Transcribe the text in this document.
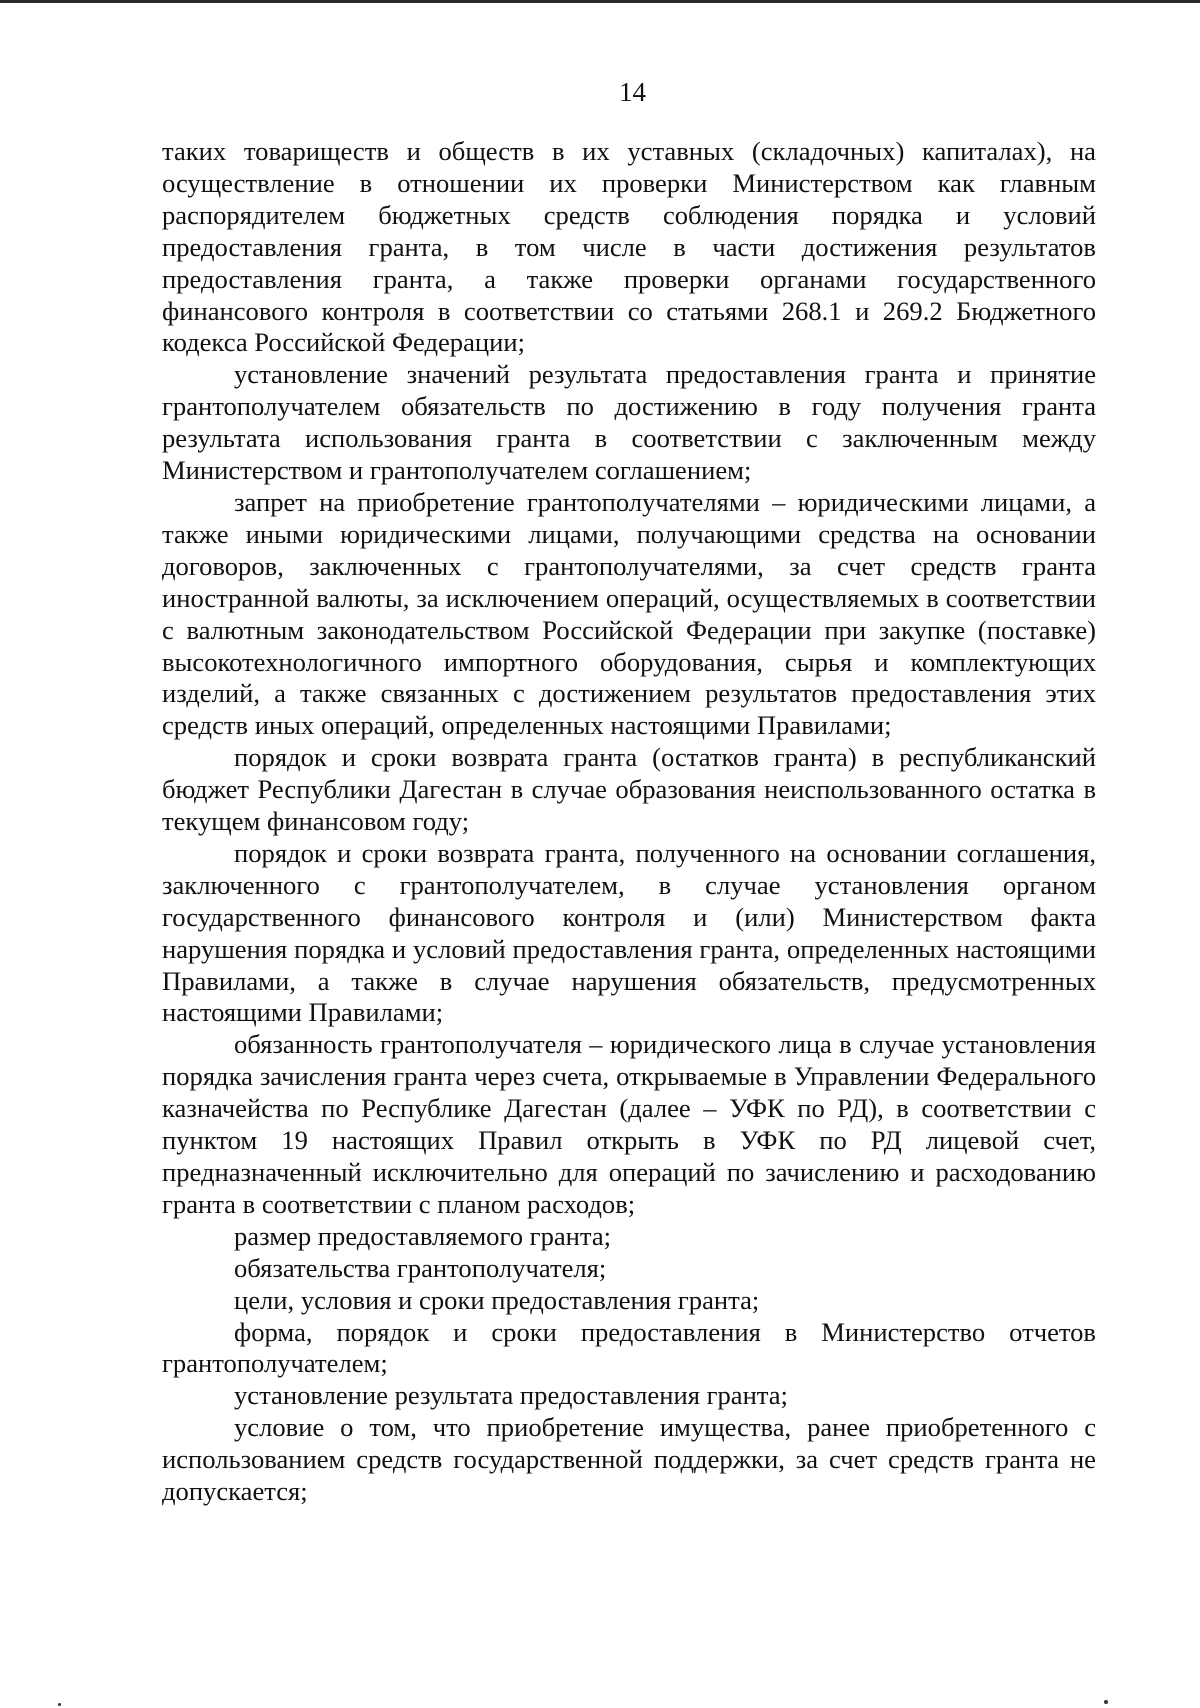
14

таких товариществ и обществ в их уставных (складочных) капиталах), на осуществление в отношении их проверки Министерством как главным распорядителем бюджетных средств соблюдения порядка и условий предоставления гранта, в том числе в части достижения результатов предоставления гранта, а также проверки органами государственного финансового контроля в соответствии со статьями 268.1 и 269.2 Бюджетного кодекса Российской Федерации;

установление значений результата предоставления гранта и принятие грантополучателем обязательств по достижению в году получения гранта результата использования гранта в соответствии с заключенным между Министерством и грантополучателем соглашением;

запрет на приобретение грантополучателями – юридическими лицами, а также иными юридическими лицами, получающими средства на основании договоров, заключенных с грантополучателями, за счет средств гранта иностранной валюты, за исключением операций, осуществляемых в соответствии с валютным законодательством Российской Федерации при закупке (поставке) высокотехнологичного импортного оборудования, сырья и комплектующих изделий, а также связанных с достижением результатов предоставления этих средств иных операций, определенных настоящими Правилами;

порядок и сроки возврата гранта (остатков гранта) в республиканский бюджет Республики Дагестан в случае образования неиспользованного остатка в текущем финансовом году;

порядок и сроки возврата гранта, полученного на основании соглашения, заключенного с грантополучателем, в случае установления органом государственного финансового контроля и (или) Министерством факта нарушения порядка и условий предоставления гранта, определенных настоящими Правилами, а также в случае нарушения обязательств, предусмотренных настоящими Правилами;

обязанность грантополучателя – юридического лица в случае установления порядка зачисления гранта через счета, открываемые в Управлении Федерального казначейства по Республике Дагестан (далее – УФК по РД), в соответствии с пунктом 19 настоящих Правил открыть в УФК по РД лицевой счет, предназначенный исключительно для операций по зачислению и расходованию гранта в соответствии с планом расходов;

размер предоставляемого гранта;

обязательства грантополучателя;

цели, условия и сроки предоставления гранта;

форма, порядок и сроки предоставления в Министерство отчетов грантополучателем;

установление результата предоставления гранта;

условие о том, что приобретение имущества, ранее приобретенного с использованием средств государственной поддержки, за счет средств гранта не допускается;
